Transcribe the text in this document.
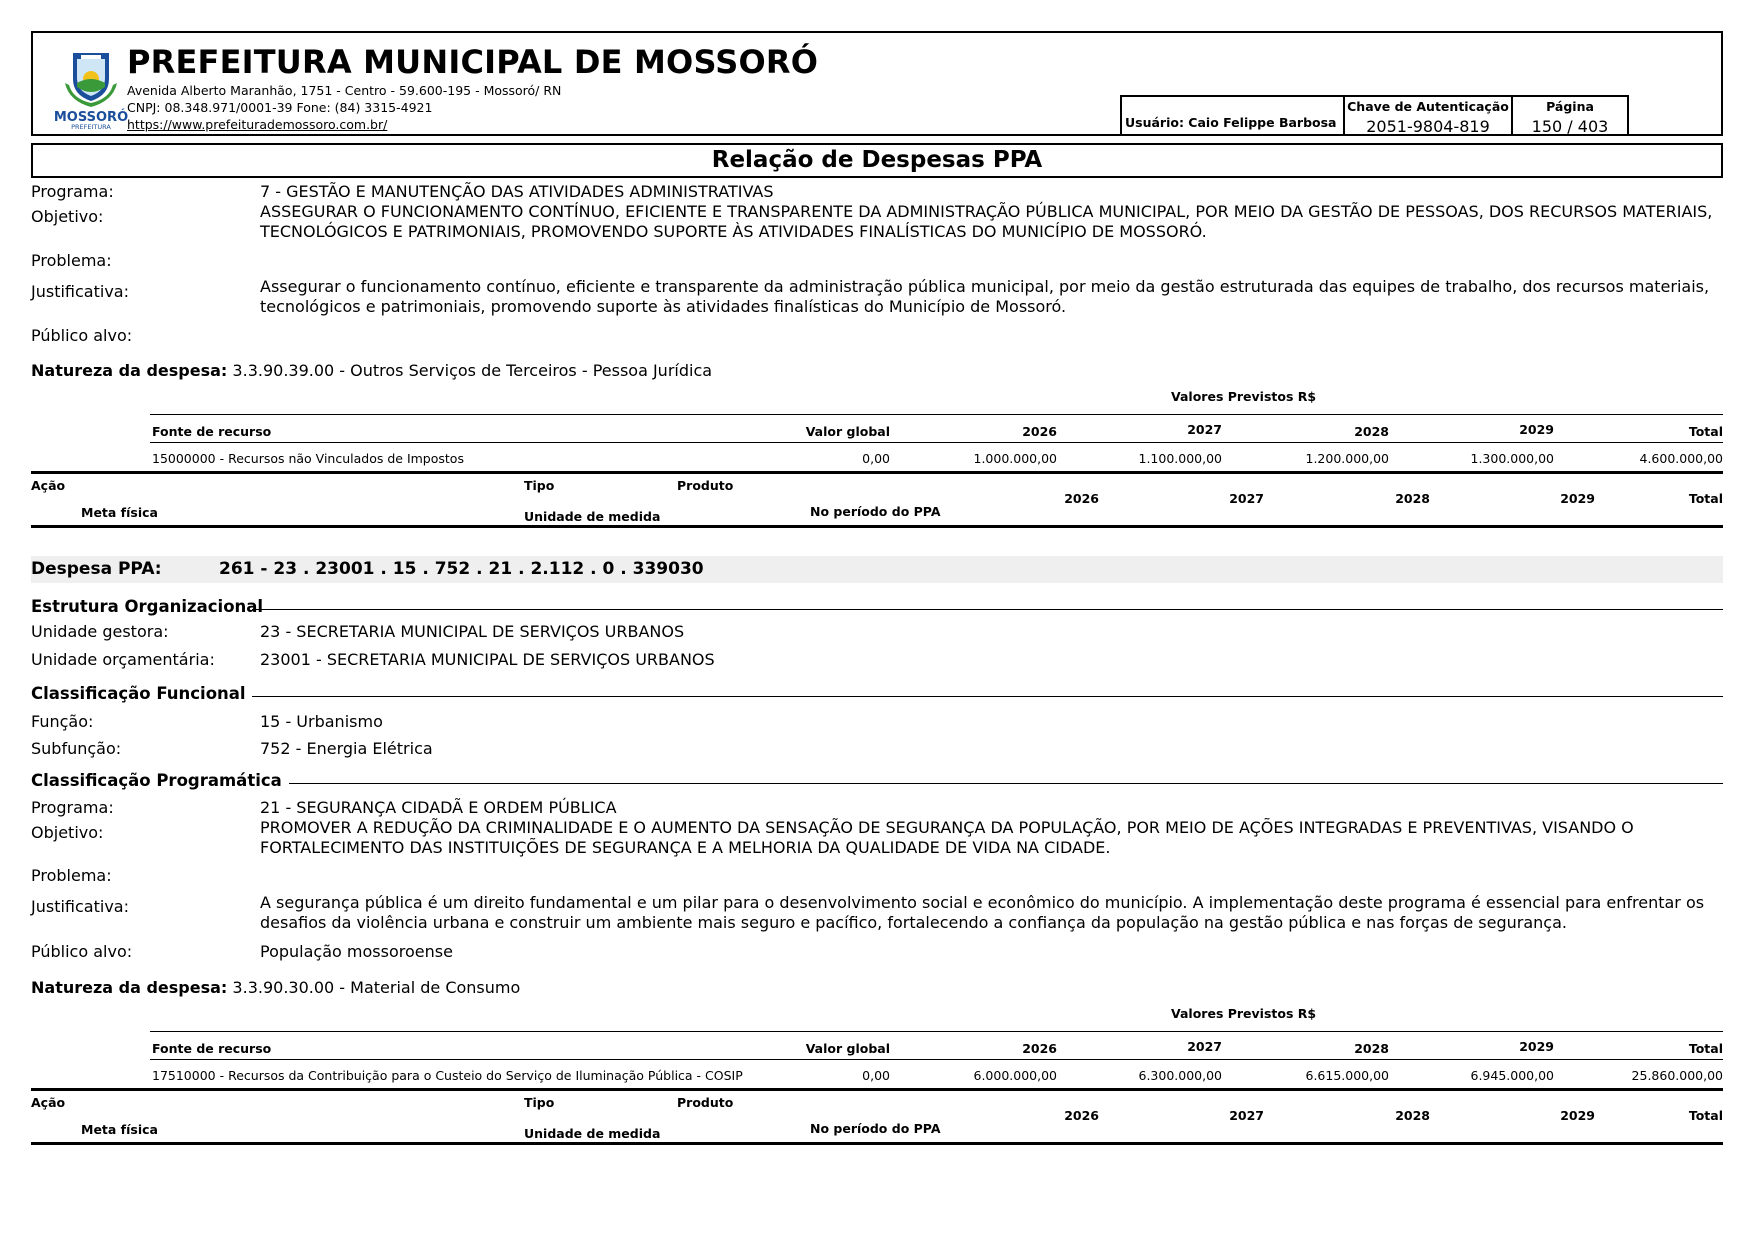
MOSSORÓ
PREFEITURA
PREFEITURA MUNICIPAL DE MOSSORÓ
Avenida Alberto Maranhão, 1751 - Centro - 59.600-195 - Mossoró/ RN
CNPJ: 08.348.971/0001-39 Fone: (84) 3315-4921
https://www.prefeiturademossoro.com.br/	Usuário: Caio Felippe Barbosa
Chave de Autenticação
2051-9804-819
Página
150 / 403
Relação de Despesas PPA
Programa:	7 - GESTÃO E MANUTENÇÃO DAS ATIVIDADES ADMINISTRATIVAS
Objetivo:	ASSEGURAR O FUNCIONAMENTO CONTÍNUO, EFICIENTE E TRANSPARENTE DA ADMINISTRAÇÃO PÚBLICA MUNICIPAL, POR MEIO DA GESTÃO DE PESSOAS, DOS RECURSOS MATERIAIS, TECNOLÓGICOS E PATRIMONIAIS, PROMOVENDO SUPORTE ÀS ATIVIDADES FINALÍSTICAS DO MUNICÍPIO DE MOSSORÓ.
Problema:
Justificativa:	Assegurar o funcionamento contínuo, eficiente e transparente da administração pública municipal, por meio da gestão estruturada das equipes de trabalho, dos recursos materiais, tecnológicos e patrimoniais, promovendo suporte às atividades finalísticas do Município de Mossoró.
Público alvo:
Natureza da despesa: 3.3.90.39.00 - Outros Serviços de Terceiros - Pessoa Jurídica
Valores Previstos R$
Fonte de recurso	Valor global	2026	2027	2028	2029	Total
15000000 - Recursos não Vinculados de Impostos	0,00	1.000.000,00	1.100.000,00	1.200.000,00	1.300.000,00	4.600.000,00
Ação	Tipo	Produto
Meta física	Unidade de medida	No período do PPA
2026	2027	2028	2029	Total
Despesa PPA:	261 - 23 . 23001 . 15 . 752 . 21 . 2.112 . 0 . 339030
Estrutura Organizacional
Unidade gestora:	23 - SECRETARIA MUNICIPAL DE SERVIÇOS URBANOS
Unidade orçamentária:	23001 - SECRETARIA MUNICIPAL DE SERVIÇOS URBANOS
Classificação Funcional
Função:	15 - Urbanismo
Subfunção:	752 - Energia Elétrica
Classificação Programática
Programa:	21 - SEGURANÇA CIDADÃ E ORDEM PÚBLICA
Objetivo:	PROMOVER A REDUÇÃO DA CRIMINALIDADE E O AUMENTO DA SENSAÇÃO DE SEGURANÇA DA POPULAÇÃO, POR MEIO DE AÇÕES INTEGRADAS E PREVENTIVAS, VISANDO O FORTALECIMENTO DAS INSTITUIÇÕES DE SEGURANÇA E A MELHORIA DA QUALIDADE DE VIDA NA CIDADE.
Problema:
Justificativa:	A segurança pública é um direito fundamental e um pilar para o desenvolvimento social e econômico do município. A implementação deste programa é essencial para enfrentar os desafios da violência urbana e construir um ambiente mais seguro e pacífico, fortalecendo a confiança da população na gestão pública e nas forças de segurança.
Público alvo:	População mossoroense
Natureza da despesa: 3.3.90.30.00 - Material de Consumo
Valores Previstos R$
Fonte de recurso	Valor global	2026	2027	2028	2029	Total
17510000 - Recursos da Contribuição para o Custeio do Serviço de Iluminação Pública - COSIP	0,00	6.000.000,00	6.300.000,00	6.615.000,00	6.945.000,00	25.860.000,00
Ação	Tipo	Produto
Meta física	Unidade de medida	No período do PPA
2026	2027	2028	2029	Total
